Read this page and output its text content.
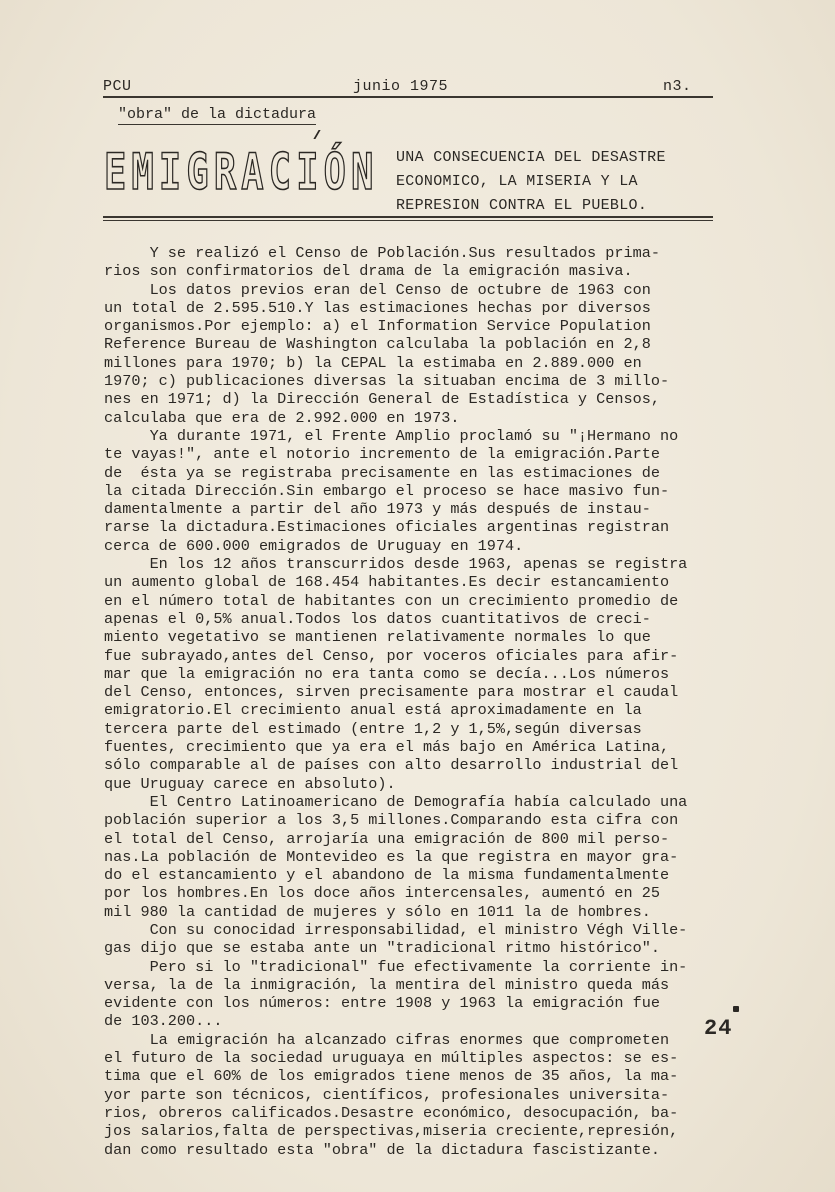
PCU	junio 1975	n3.
"obra" de la dictadura
EMIGRACIÓN UNA CONSECUENCIA DEL DESASTRE
ECONOMICO, LA MISERIA Y LA
REPRESION CONTRA EL PUEBLO.
Y se realizó el Censo de Población.Sus resultados prima-
rios son confirmatorios del drama de la emigración masiva.
Los datos previos eran del Censo de octubre de 1963 con
un total de 2.595.510.Y las estimaciones hechas por diversos
organismos.Por ejemplo: a) el Information Service Population
Reference Bureau de Washington calculaba la población en 2,8
millones para 1970; b) la CEPAL la estimaba en 2.889.000 en
1970; c) publicaciones diversas la situaban encima de 3 millo-
nes en 1971; d) la Dirección General de Estadística y Censos,
calculaba que era de 2.992.000 en 1973.
Ya durante 1971, el Frente Amplio proclamó su "¡Hermano no
te vayas!", ante el notorio incremento de la emigración.Parte
de  ésta ya se registraba precisamente en las estimaciones de
la citada Dirección.Sin embargo el proceso se hace masivo fun-
damentalmente a partir del año 1973 y más después de instau-
rarse la dictadura.Estimaciones oficiales argentinas registran
cerca de 600.000 emigrados de Uruguay en 1974.
En los 12 años transcurridos desde 1963, apenas se registra
un aumento global de 168.454 habitantes.Es decir estancamiento
en el número total de habitantes con un crecimiento promedio de
apenas el 0,5% anual.Todos los datos cuantitativos de creci-
miento vegetativo se mantienen relativamente normales lo que
fue subrayado,antes del Censo, por voceros oficiales para afir-
mar que la emigración no era tanta como se decía...Los números
del Censo, entonces, sirven precisamente para mostrar el caudal
emigratorio.El crecimiento anual está aproximadamente en la
tercera parte del estimado (entre 1,2 y 1,5%,según diversas
fuentes, crecimiento que ya era el más bajo en América Latina,
sólo comparable al de países con alto desarrollo industrial del
que Uruguay carece en absoluto).
El Centro Latinoamericano de Demografía había calculado una
población superior a los 3,5 millones.Comparando esta cifra con
el total del Censo, arrojaría una emigración de 800 mil perso-
nas.La población de Montevideo es la que registra en mayor gra-
do el estancamiento y el abandono de la misma fundamentalmente
por los hombres.En los doce años intercensales, aumentó en 25
mil 980 la cantidad de mujeres y sólo en 1011 la de hombres.
Con su conocidad irresponsabilidad, el ministro Végh Ville-
gas dijo que se estaba ante un "tradicional ritmo histórico".
Pero si lo "tradicional" fue efectivamente la corriente in-
versa, la de la inmigración, la mentira del ministro queda más
evidente con los números: entre 1908 y 1963 la emigración fue
de 103.200...
La emigración ha alcanzado cifras enormes que comprometen
el futuro de la sociedad uruguaya en múltiples aspectos: se es-
tima que el 60% de los emigrados tiene menos de 35 años, la ma-
yor parte son técnicos, científicos, profesionales universita-
rios, obreros calificados.Desastre económico, desocupación, ba-
jos salarios,falta de perspectivas,miseria creciente,represión,
dan como resultado esta "obra" de la dictadura fascistizante.
24
